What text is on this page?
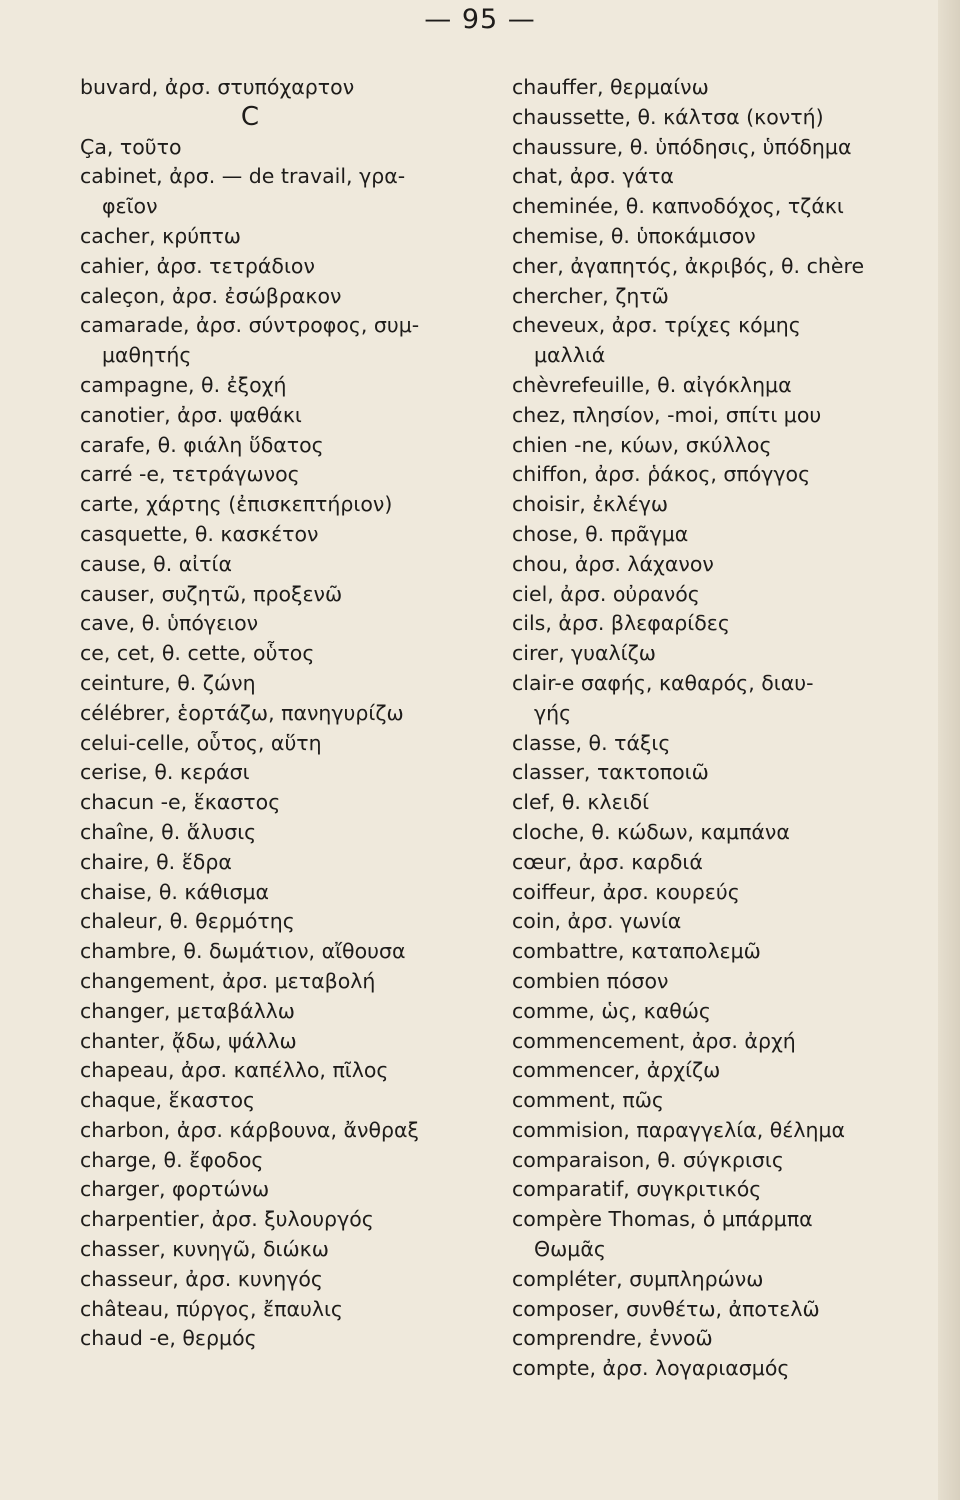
— 95 —
buvard, ἀρσ. στυπόχαρτον
C
Ça, τοῦτο
cabinet, ἀρσ. — de travail, γρα-
φεῖον
cacher, κρύπτω
cahier, ἀρσ. τετράδιον
caleçon, ἀρσ. ἐσώβρακον
camarade, ἀρσ. σύντροφος, συμ-
μαθητής
campagne, θ. ἐξοχή
canotier, ἀρσ. ψαθάκι
carafe, θ. φιάλη ὕδατος
carré -e, τετράγωνος
carte, χάρτης (ἐπισκεπτήριον)
casquette, θ. κασκέτον
cause, θ. αἰτία
causer, συζητῶ, προξενῶ
cave, θ. ὑπόγειον
ce, cet, θ. cette, οὗτος
ceinture, θ. ζώνη
célébrer, ἑορτάζω, πανηγυρίζω
celui-celle, οὗτος, αὕτη
cerise, θ. κεράσι
chacun -e, ἕκαστος
chaîne, θ. ἅλυσις
chaire, θ. ἕδρα
chaise, θ. κάθισμα
chaleur, θ. θερμότης
chambre, θ. δωμάτιον, αἴθουσα
changement, ἀρσ. μεταβολή
changer, μεταβάλλω
chanter, ᾄδω, ψάλλω
chapeau, ἀρσ. καπέλλο, πῖλος
chaque, ἕκαστος
charbon, ἀρσ. κάρβουνα, ἄνθραξ
charge, θ. ἔφοδος
charger, φορτώνω
charpentier, ἀρσ. ξυλουργός
chasser, κυνηγῶ, διώκω
chasseur, ἀρσ. κυνηγός
château, πύργος, ἔπαυλις
chaud -e, θερμός
chauffer, θερμαίνω
chaussette, θ. κάλτσα (κοντή)
chaussure, θ. ὑπόδησις, ὑπόδημα
chat, ἀρσ. γάτα
cheminée, θ. καπνοδόχος, τζάκι
chemise, θ. ὑποκάμισον
cher, ἀγαπητός, ἀκριβός, θ. chère
chercher, ζητῶ
cheveux, ἀρσ. τρίχες κόμης
μαλλιά
chèvrefeuille, θ. αἰγόκλημα
chez, πλησίον, -moi, σπίτι μου
chien -ne, κύων, σκύλλος
chiffon, ἀρσ. ῥάκος, σπόγγος
choisir, ἐκλέγω
chose, θ. πρᾶγμα
chou, ἀρσ. λάχανον
ciel, ἀρσ. οὐρανός
cils, ἀρσ. βλεφαρίδες
cirer, γυαλίζω
clair-e σαφής, καθαρός, διαυ-
γής
classe, θ. τάξις
classer, τακτοποιῶ
clef, θ. κλειδί
cloche, θ. κώδων, καμπάνα
cœur, ἀρσ. καρδιά
coiffeur, ἀρσ. κουρεύς
coin, ἀρσ. γωνία
combattre, καταπολεμῶ
combien πόσον
comme, ὡς, καθώς
commencement, ἀρσ. ἀρχή
commencer, ἀρχίζω
comment, πῶς
commision, παραγγελία, θέλημα
comparaison, θ. σύγκρισις
comparatif, συγκριτικός
compère Thomas, ὁ μπάρμπα
Θωμᾶς
compléter, συμπληρώνω
composer, συνθέτω, ἀποτελῶ
comprendre, ἐννοῶ
compte, ἀρσ. λογαριασμός
